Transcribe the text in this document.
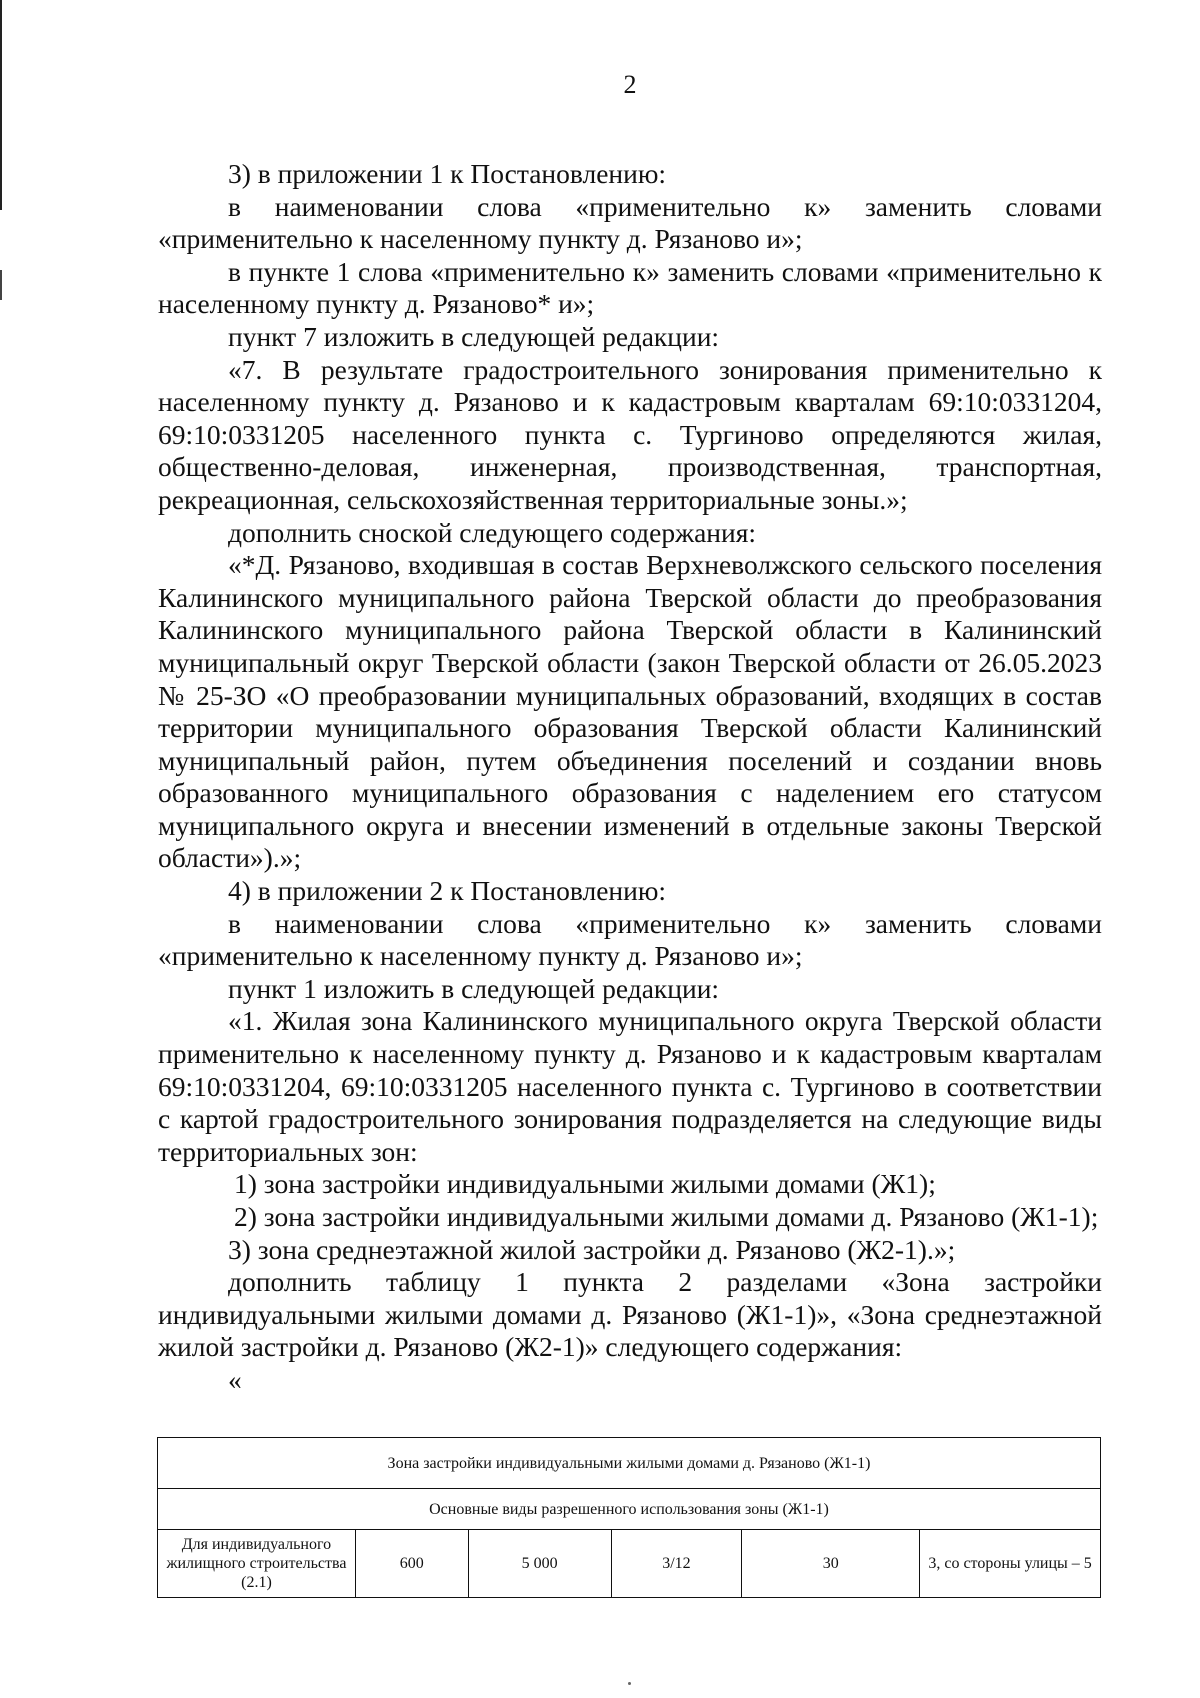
2

3) в приложении 1 к Постановлению:

в наименовании слова «применительно к» заменить словами «применительно к населенному пункту д. Рязаново и»;

в пункте 1 слова «применительно к» заменить словами «применительно к населенному пункту д. Рязаново* и»;

пункт 7 изложить в следующей редакции:

«7. В результате градостроительного зонирования применительно к населенному пункту д. Рязаново и к кадастровым кварталам 69:10:0331204, 69:10:0331205 населенного пункта с. Тургиново определяются жилая, общественно-деловая, инженерная, производственная, транспортная, рекреационная, сельскохозяйственная территориальные зоны.»;

дополнить сноской следующего содержания:

«*Д. Рязаново, входившая в состав Верхневолжского сельского поселения Калининского муниципального района Тверской области до преобразования Калининского муниципального района Тверской области в Калининский муниципальный округ Тверской области (закон Тверской области от 26.05.2023 № 25-ЗО «О преобразовании муниципальных образований, входящих в состав территории муниципального образования Тверской области Калининский муниципальный район, путем объединения поселений и создании вновь образованного муниципального образования с наделением его статусом муниципального округа и внесении изменений в отдельные законы Тверской области»).»;

4) в приложении 2 к Постановлению:

в наименовании слова «применительно к» заменить словами «применительно к населенному пункту д. Рязаново и»;

пункт 1 изложить в следующей редакции:

«1. Жилая зона Калининского муниципального округа Тверской области применительно к населенному пункту д. Рязаново и к кадастровым кварталам 69:10:0331204, 69:10:0331205 населенного пункта с. Тургиново в соответствии с картой градостроительного зонирования подразделяется на следующие виды территориальных зон:

1) зона застройки индивидуальными жилыми домами (Ж1);

2) зона застройки индивидуальными жилыми домами д. Рязаново (Ж1-1);

3) зона среднеэтажной жилой застройки д. Рязаново (Ж2-1).»;

дополнить таблицу 1 пункта 2 разделами «Зона застройки индивидуальными жилыми домами д. Рязаново (Ж1-1)», «Зона среднеэтажной жилой застройки д. Рязаново (Ж2-1)» следующего содержания:

«

Зона застройки индивидуальными жилыми домами д. Рязаново (Ж1-1)
Основные виды разрешенного использования зоны (Ж1-1)
Для индивидуального жилищного строительства (2.1)	600	5 000	3/12	30	3, со стороны улицы – 5
